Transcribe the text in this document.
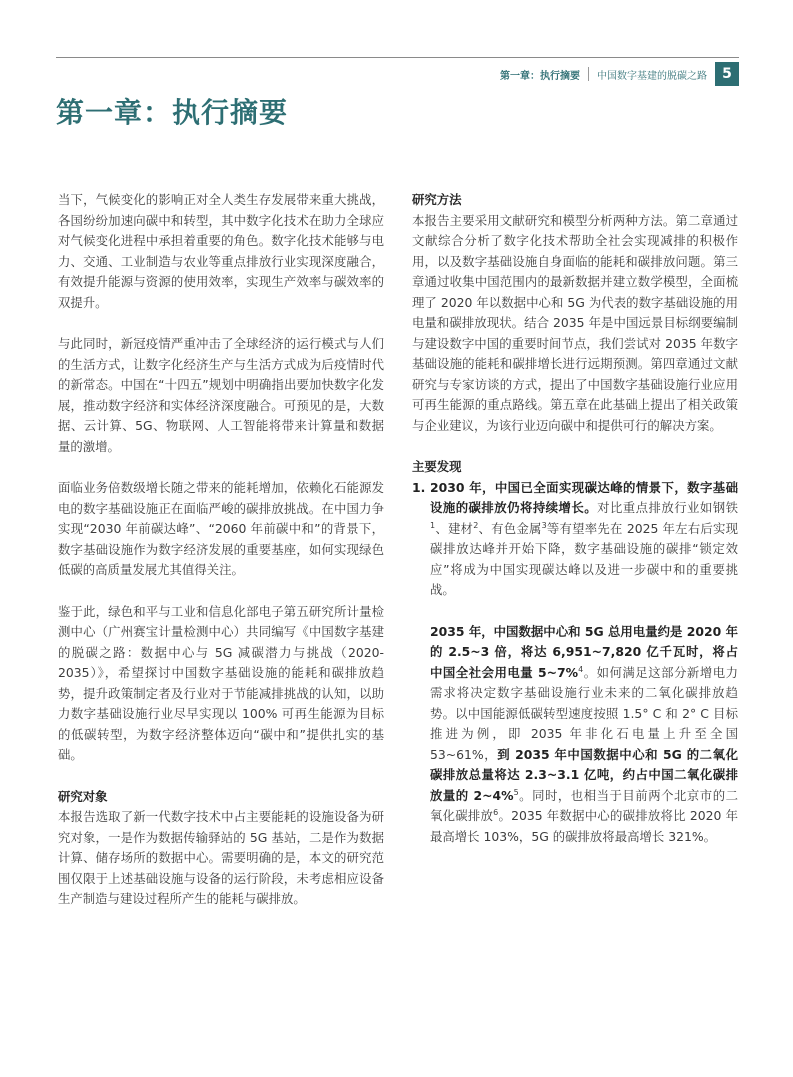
第一章：执行摘要	中国数字基建的脱碳之路	5
第一章：执行摘要

当下，气候变化的影响正对全人类生存发展带来重大挑战，各国纷纷加速向碳中和转型，其中数字化技术在助力全球应对气候变化进程中承担着重要的角色。数字化技术能够与电力、交通、工业制造与农业等重点排放行业实现深度融合，有效提升能源与资源的使用效率，实现生产效率与碳效率的双提升。

与此同时，新冠疫情严重冲击了全球经济的运行模式与人们的生活方式，让数字化经济生产与生活方式成为后疫情时代的新常态。中国在“十四五”规划中明确指出要加快数字化发展，推动数字经济和实体经济深度融合。可预见的是，大数据、云计算、5G、物联网、人工智能将带来计算量和数据量的激增。

面临业务倍数级增长随之带来的能耗增加，依赖化石能源发电的数字基础设施正在面临严峻的碳排放挑战。在中国力争实现“2030 年前碳达峰”、“2060 年前碳中和”的背景下，数字基础设施作为数字经济发展的重要基座，如何实现绿色低碳的高质量发展尤其值得关注。

鉴于此，绿色和平与工业和信息化部电子第五研究所计量检测中心（广州赛宝计量检测中心）共同编写《中国数字基建的脱碳之路：数据中心与 5G 减碳潜力与挑战（2020-2035）》，希望探讨中国数字基础设施的能耗和碳排放趋势，提升政策制定者及行业对于节能减排挑战的认知，以助力数字基础设施行业尽早实现以 100% 可再生能源为目标的低碳转型，为数字经济整体迈向“碳中和”提供扎实的基础。

研究对象

本报告选取了新一代数字技术中占主要能耗的设施设备为研究对象，一是作为数据传输驿站的 5G 基站，二是作为数据计算、储存场所的数据中心。需要明确的是，本文的研究范围仅限于上述基础设施与设备的运行阶段，未考虑相应设备生产制造与建设过程所产生的能耗与碳排放。

研究方法

本报告主要采用文献研究和模型分析两种方法。第二章通过文献综合分析了数字化技术帮助全社会实现减排的积极作用，以及数字基础设施自身面临的能耗和碳排放问题。第三章通过收集中国范围内的最新数据并建立数学模型，全面梳理了 2020 年以数据中心和 5G 为代表的数字基础设施的用电量和碳排放现状。结合 2035 年是中国远景目标纲要编制与建设数字中国的重要时间节点，我们尝试对 2035 年数字基础设施的能耗和碳排增长进行远期预测。第四章通过文献研究与专家访谈的方式，提出了中国数字基础设施行业应用可再生能源的重点路线。第五章在此基础上提出了相关政策与企业建议，为该行业迈向碳中和提供可行的解决方案。

主要发现
1. 2030 年，中国已全面实现碳达峰的情景下，数字基础设施的碳排放仍将持续增长。对比重点排放行业如钢铁$^1$、建材$^2$、有色金属$^3$等有望率先在 2025 年左右后实现碳排放达峰并开始下降，数字基础设施的碳排“锁定效应”将成为中国实现碳达峰以及进一步碳中和的重要挑战。

2035 年，中国数据中心和 5G 总用电量约是 2020 年的 2.5~3 倍，将达 6,951~7,820 亿千瓦时，将占中国全社会用电量 5~7%$^4$。如何满足这部分新增电力需求将决定数字基础设施行业未来的二氧化碳排放趋势。以中国能源低碳转型速度按照 1.5° C 和 2° C 目标推进为例，即 2035 年非化石电量上升至全国 53~61%，到 2035 年中国数据中心和 5G 的二氧化碳排放总量将达 2.3~3.1 亿吨，约占中国二氧化碳排放量的 2~4%$^5$。同时，也相当于目前两个北京市的二氧化碳排放$^6$。2035 年数据中心的碳排放将比 2020 年最高增长 103%，5G 的碳排放将最高增长 321%。
